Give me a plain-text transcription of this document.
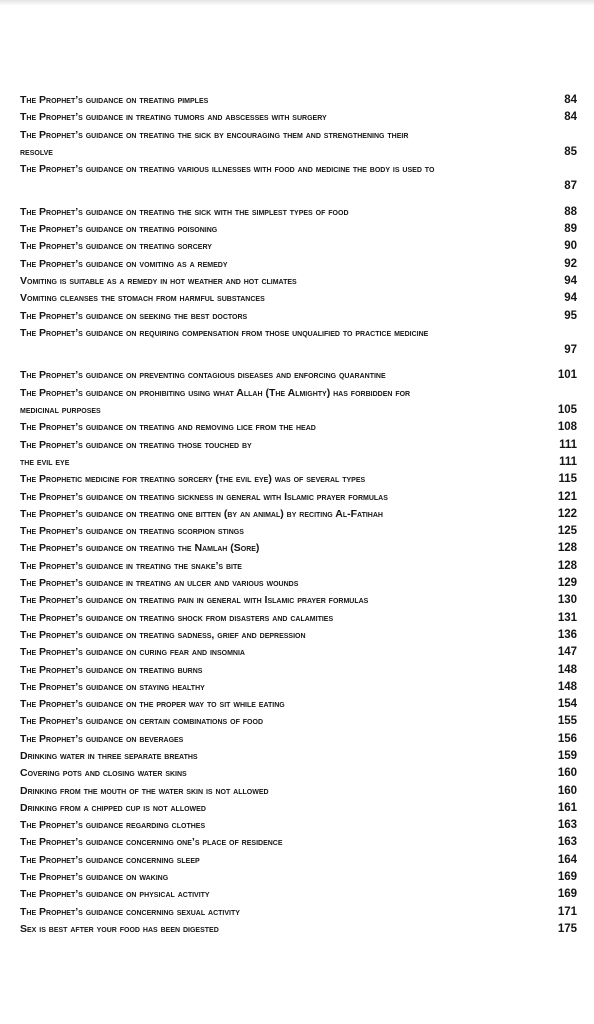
The Prophet’s guidance on treating pimples	84
The Prophet’s guidance in treating tumors and abscesses with surgery	84
The Prophet’s guidance on treating the sick by encouraging them and strengthening their
resolve	85
The Prophet’s guidance on treating various illnesses with food and medicine the body is used to
87
The Prophet’s guidance on treating the sick with the simplest types of food	88
The Prophet’s guidance on treating poisoning	89
The Prophet’s guidance on treating sorcery	90
The Prophet’s guidance on vomiting as a remedy	92
Vomiting is suitable as a remedy in hot weather and hot climates	94
Vomiting cleanses the stomach from harmful substances	94
The Prophet’s guidance on seeking the best doctors	95
The Prophet’s guidance on requiring compensation from those unqualified to practice medicine
97
The Prophet’s guidance on preventing contagious diseases and enforcing quarantine	101
The Prophet’s guidance on prohibiting using what Allah (The Almighty) has forbidden for
medicinal purposes	105
The Prophet’s guidance on treating and removing lice from the head	108
The Prophet’s guidance on treating those touched by	111
the evil eye	111
The Prophetic medicine for treating sorcery (the evil eye) was of several types	115
The Prophet’s guidance on treating sickness in general with Islamic prayer formulas	121
The Prophet’s guidance on treating one bitten (by an animal) by reciting Al-Fatihah	122
The Prophet’s guidance on treating scorpion stings	125
The Prophet’s guidance on treating the Namlah (Sore)	128
The Prophet’s guidance in treating the snake’s bite	128
The Prophet’s guidance in treating an ulcer and various wounds	129
The Prophet’s guidance on treating pain in general with Islamic prayer formulas	130
The Prophet’s guidance on treating shock from disasters and calamities	131
The Prophet’s guidance on treating sadness, grief and depression	136
The Prophet’s guidance on curing fear and insomnia	147
The Prophet’s guidance on treating burns	148
The Prophet’s guidance on staying healthy	148
The Prophet’s guidance on the proper way to sit while eating	154
The Prophet’s guidance on certain combinations of food	155
The Prophet’s guidance on beverages	156
Drinking water in three separate breaths	159
Covering pots and closing water skins	160
Drinking from the mouth of the water skin is not allowed	160
Drinking from a chipped cup is not allowed	161
The Prophet’s guidance regarding clothes	163
The Prophet’s guidance concerning one’s place of residence	163
The Prophet’s guidance concerning sleep	164
The Prophet’s guidance on waking	169
The Prophet’s guidance on physical activity	169
The Prophet’s guidance concerning sexual activity	171
Sex is best after your food has been digested	175
